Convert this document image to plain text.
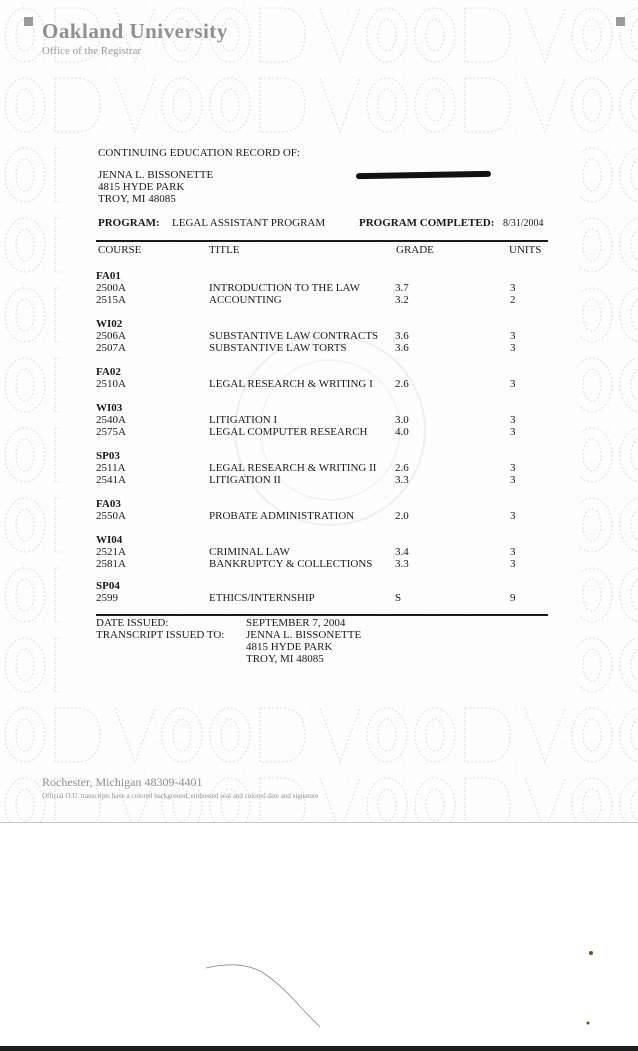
Oakland University
Office of the Registrar
CONTINUING EDUCATION RECORD OF:
JENNA L. BISSONETTE
4815 HYDE PARK
TROY, MI 48085
PROGRAM: LEGAL ASSISTANT PROGRAM	PROGRAM COMPLETED: 8/31/2004
COURSE	TITLE	GRADE	UNITS
FA01
2500A	INTRODUCTION TO THE LAW	3.7	3
2515A	ACCOUNTING	3.2	2
WI02
2506A	SUBSTANTIVE LAW CONTRACTS 3.6	3
2507A	SUBSTANTIVE LAW TORTS	3.6	3
FA02
2510A	LEGAL RESEARCH & WRITING I 2.6	3
WI03
2540A	LITIGATION I	3.0	3
2575A	LEGAL COMPUTER RESEARCH	4.0	3
SP03
2511A	LEGAL RESEARCH & WRITING II 2.6	3
2541A	LITIGATION II	3.3	3
FA03
2550A	PROBATE ADMINISTRATION	2.0	3
WI04
2521A	CRIMINAL LAW	3.4	3
2581A	BANKRUPTCY & COLLECTIONS 3.3	3
SP04
2599	ETHICS/INTERNSHIP	S	9
DATE ISSUED:	SEPTEMBER 7, 2004
TRANSCRIPT ISSUED TO: JENNA L. BISSONETTE
4815 HYDE PARK
TROY, MI 48085
Rochester, Michigan 48309-4401
Official O.U. transcripts have a colored background, embossed seal and colored date and signature
